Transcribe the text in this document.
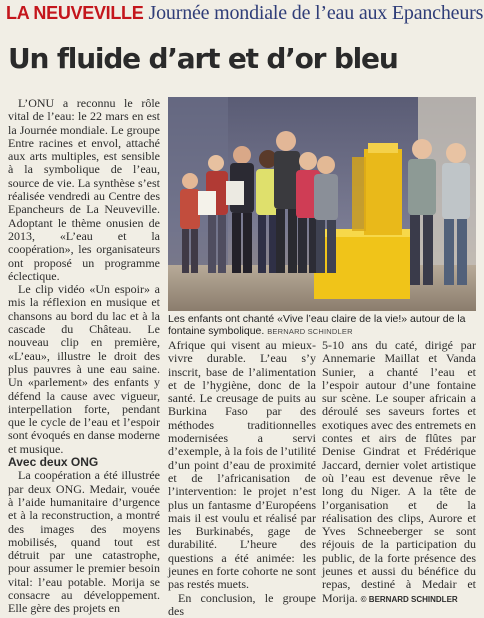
LA NEUVEVILLE Journée mondiale de l’eau aux Epancheurs
Un fluide d’art et d’or bleu

L’ONU a reconnu le rôle vital de l’eau: le 22 mars en est la Journée mondiale. Le groupe Entre racines et envol, attaché aux arts multiples, est sensible à la symbolique de l’eau, source de vie. La synthèse s’est réalisée vendredi au Centre des Epancheurs de La Neuveville. Adoptant le thème onusien de 2013, «L’eau et la coopération», les organisateurs ont proposé un programme éclectique.

Le clip vidéo «Un espoir» a mis la réflexion en musique et chansons au bord du lac et à la cascade du Château. Le nouveau clip en première, «L’eau», illustre le droit des plus pauvres à une eau saine. Un «parlement» des enfants y défend la cause avec vigueur, interpellation forte, pendant que le cycle de l’eau et l’espoir sont évoqués en danse moderne et musique.

Avec deux ONG

La coopération a été illustrée par deux ONG. Medair, vouée à l’aide humanitaire d’urgence et à la reconstruction, a montré des images des moyens mobilisés, quand tout est détruit par une catastrophe, pour assumer le premier besoin vital: l’eau potable. Morija se consacre au développement. Elle gère des projets en

Afrique qui visent au mieux-vivre durable. L’eau s’y inscrit, base de l’alimentation et de l’hygiène, donc de la santé. Le creusage de puits au Burkina Faso par des méthodes traditionnelles modernisées a servi d’exemple, à la fois de l’utilité d’un point d’eau de proximité et de l’africanisation de l’intervention: le projet n’est plus un fantasme d’Européens mais il est voulu et réalisé par les Burkinabés, gage de durabilité. L’heure des questions a été animée: les jeunes en forte cohorte ne sont pas restés muets.

En conclusion, le groupe des

5-10 ans du caté, dirigé par Annemarie Maillat et Vanda Sunier, a chanté l’eau et l’espoir autour d’une fontaine sur scène. Le souper africain a déroulé ses saveurs fortes et exotiques avec des entremets en contes et airs de flûtes par Denise Gindrat et Frédérique Jaccard, dernier volet artistique où l’eau est devenue rêve le long du Niger. A la tête de l’organisation et de la réalisation des clips, Aurore et Yves Schneeberger se sont réjouis de la participation du public, de la forte présence des jeunes et aussi du bénéfice du repas, destiné à Medair et Morija. © BERNARD SCHINDLER

Les enfants ont chanté «Vive l’eau claire de la vie!» autour de la fontaine symbolique. BERNARD SCHINDLER
